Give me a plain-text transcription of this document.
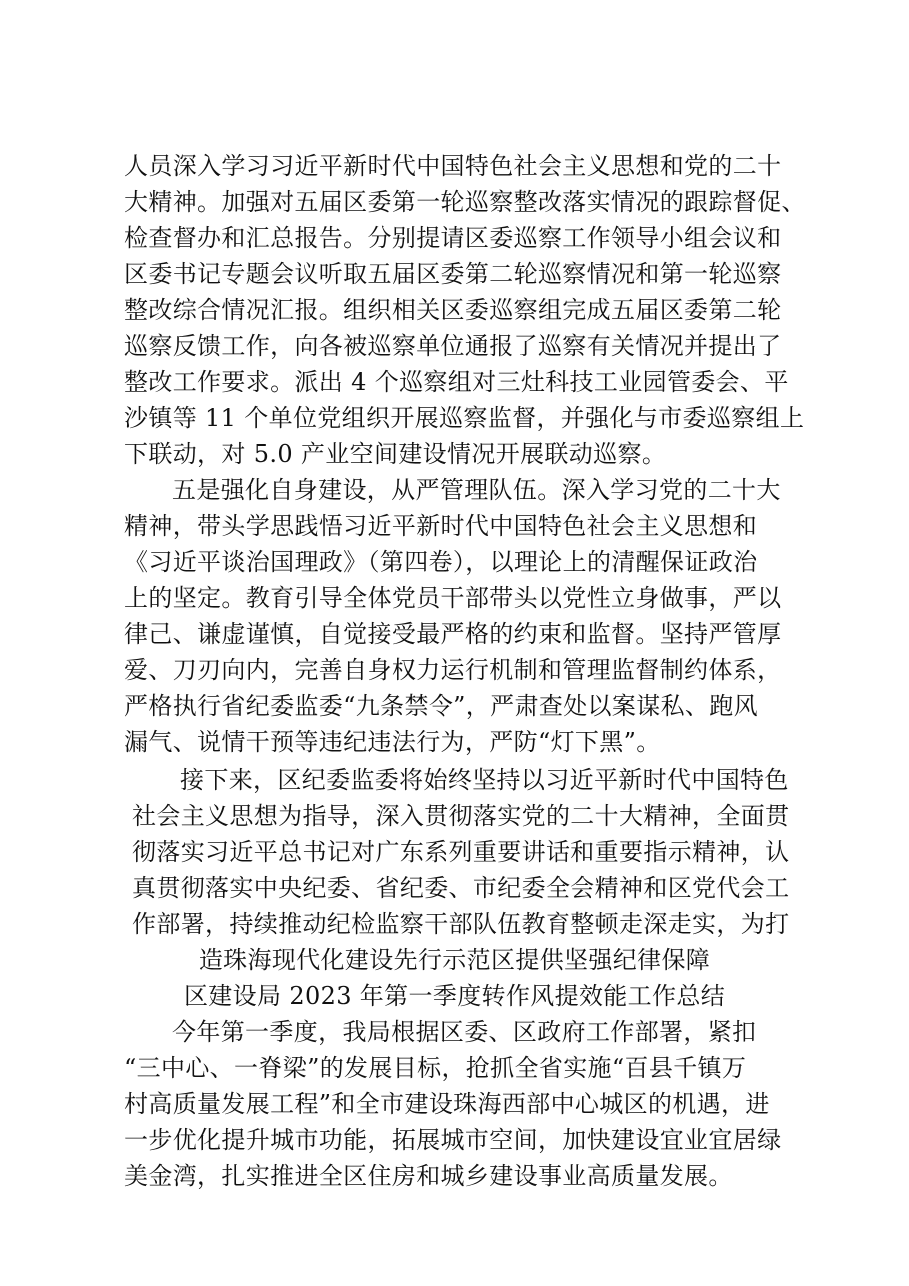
人员深入学习习近平新时代中国特色社会主义思想和党的二十
大精神。加强对五届区委第一轮巡察整改落实情况的跟踪督促、
检查督办和汇总报告。分别提请区委巡察工作领导小组会议和
区委书记专题会议听取五届区委第二轮巡察情况和第一轮巡察
整改综合情况汇报。组织相关区委巡察组完成五届区委第二轮
巡察反馈工作，向各被巡察单位通报了巡察有关情况并提出了
整改工作要求。派出 4 个巡察组对三灶科技工业园管委会、平
沙镇等 11 个单位党组织开展巡察监督，并强化与市委巡察组上
下联动，对 5.0 产业空间建设情况开展联动巡察。
五是强化自身建设，从严管理队伍。深入学习党的二十大
精神，带头学思践悟习近平新时代中国特色社会主义思想和
《习近平谈治国理政》（第四卷），以理论上的清醒保证政治
上的坚定。教育引导全体党员干部带头以党性立身做事，严以
律己、谦虚谨慎，自觉接受最严格的约束和监督。坚持严管厚
爱、刀刃向内，完善自身权力运行机制和管理监督制约体系，
严格执行省纪委监委“九条禁令”，严肃查处以案谋私、跑风
漏气、说情干预等违纪违法行为，严防“灯下黑”。
接下来，区纪委监委将始终坚持以习近平新时代中国特色
社会主义思想为指导，深入贯彻落实党的二十大精神，全面贯
彻落实习近平总书记对广东系列重要讲话和重要指示精神，认
真贯彻落实中央纪委、省纪委、市纪委全会精神和区党代会工
作部署，持续推动纪检监察干部队伍教育整顿走深走实，为打
造珠海现代化建设先行示范区提供坚强纪律保障
区建设局 2023 年第一季度转作风提效能工作总结
今年第一季度，我局根据区委、区政府工作部署，紧扣
“三中心、一脊梁”的发展目标，抢抓全省实施“百县千镇万
村高质量发展工程”和全市建设珠海西部中心城区的机遇，进
一步优化提升城市功能，拓展城市空间，加快建设宜业宜居绿
美金湾，扎实推进全区住房和城乡建设事业高质量发展。
